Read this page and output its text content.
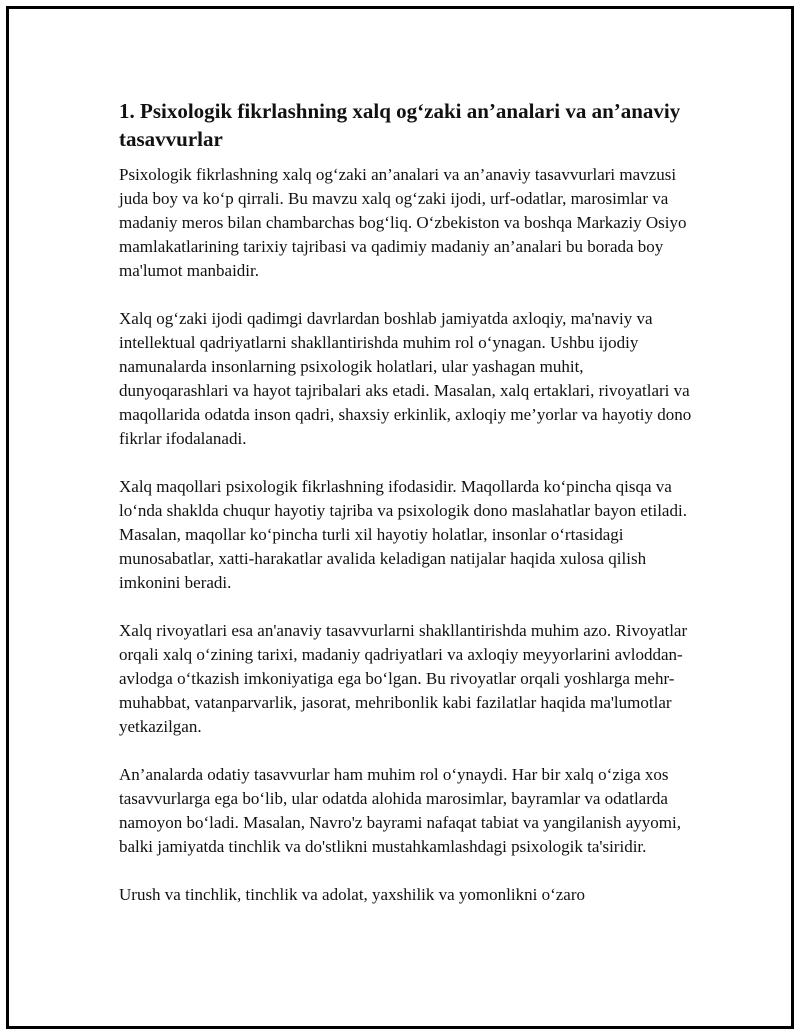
1. Psixologik fikrlashning xalq og‘zaki an’analari va an’anaviy tasavvurlar

Psixologik fikrlashning xalq og‘zaki an’analari va an’anaviy tasavvurlari mavzusi juda boy va ko‘p qirrali. Bu mavzu xalq og‘zaki ijodi, urf-odatlar, marosimlar va madaniy meros bilan chambarchas bog‘liq. O‘zbekiston va boshqa Markaziy Osiyo mamlakatlarining tarixiy tajribasi va qadimiy madaniy an’analari bu borada boy ma'lumot manbaidir.

Xalq og‘zaki ijodi qadimgi davrlardan boshlab jamiyatda axloqiy, ma'naviy va intellektual qadriyatlarni shakllantirishda muhim rol o‘ynagan. Ushbu ijodiy namunalarda insonlarning psixologik holatlari, ular yashagan muhit, dunyoqarashlari va hayot tajribalari aks etadi. Masalan, xalq ertaklari, rivoyatlari va maqollarida odatda inson qadri, shaxsiy erkinlik, axloqiy me’yorlar va hayotiy dono fikrlar ifodalanadi.

Xalq maqollari psixologik fikrlashning ifodasidir. Maqollarda ko‘pincha qisqa va lo‘nda shaklda chuqur hayotiy tajriba va psixologik dono maslahatlar bayon etiladi. Masalan, maqollar ko‘pincha turli xil hayotiy holatlar, insonlar o‘rtasidagi munosabatlar, xatti-harakatlar avalida keladigan natijalar haqida xulosa qilish imkonini beradi.

Xalq rivoyatlari esa an'anaviy tasavvurlarni shakllantirishda muhim azo. Rivoyatlar orqali xalq o‘zining tarixi, madaniy qadriyatlari va axloqiy meyyorlarini avloddan-avlodga o‘tkazish imkoniyatiga ega bo‘lgan. Bu rivoyatlar orqali yoshlarga mehr-muhabbat, vatanparvarlik, jasorat, mehribonlik kabi fazilatlar haqida ma'lumotlar yetkazilgan.

An’analarda odatiy tasavvurlar ham muhim rol o‘ynaydi. Har bir xalq o‘ziga xos tasavvurlarga ega bo‘lib, ular odatda alohida marosimlar, bayramlar va odatlarda namoyon bo‘ladi. Masalan, Navro'z bayrami nafaqat tabiat va yangilanish ayyomi, balki jamiyatda tinchlik va do'stlikni mustahkamlashdagi psixologik ta'siridir.

Urush va tinchlik, tinchlik va adolat, yaxshilik va yomonlikni o‘zaro
